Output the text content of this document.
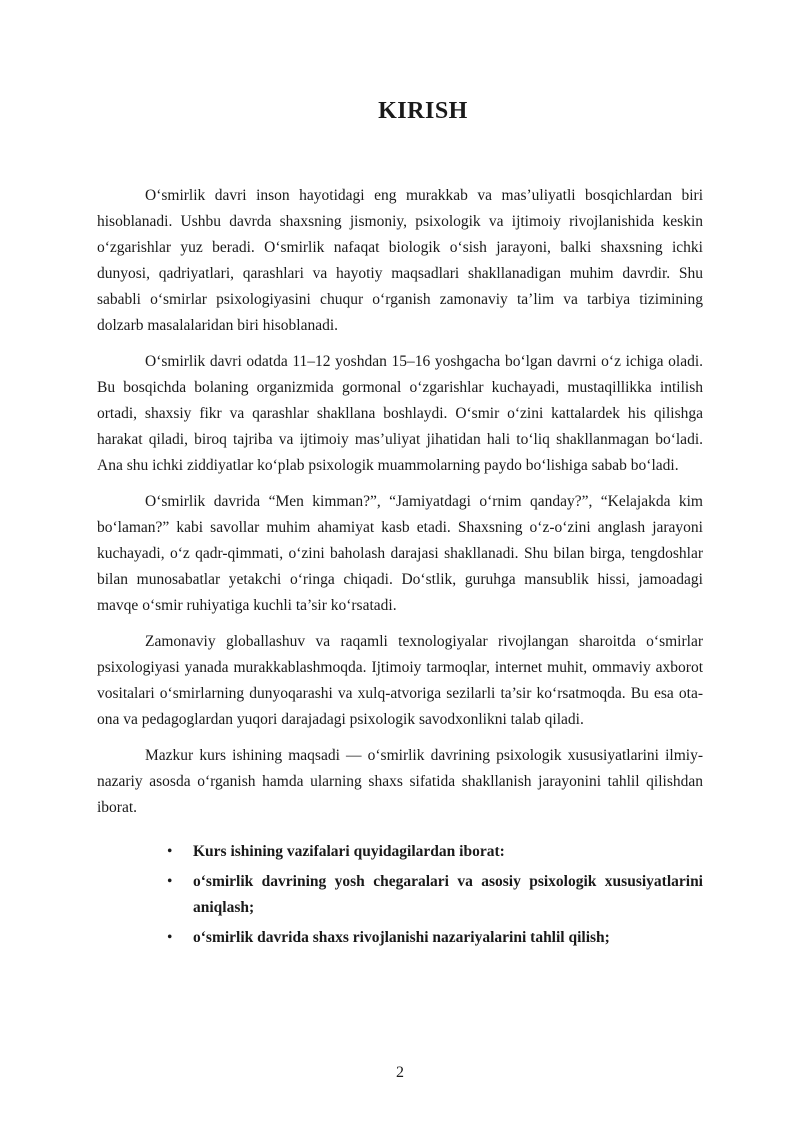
KIRISH

O‘smirlik davri inson hayotidagi eng murakkab va mas’uliyatli bosqichlardan biri hisoblanadi. Ushbu davrda shaxsning jismoniy, psixologik va ijtimoiy rivojlanishida keskin o‘zgarishlar yuz beradi. O‘smirlik nafaqat biologik o‘sish jarayoni, balki shaxsning ichki dunyosi, qadriyatlari, qarashlari va hayotiy maqsadlari shakllanadigan muhim davrdir. Shu sababli o‘smirlar psixologiyasini chuqur o‘rganish zamonaviy ta’lim va tarbiya tizimining dolzarb masalalaridan biri hisoblanadi.

O‘smirlik davri odatda 11–12 yoshdan 15–16 yoshgacha bo‘lgan davrni o‘z ichiga oladi. Bu bosqichda bolaning organizmida gormonal o‘zgarishlar kuchayadi, mustaqillikka intilish ortadi, shaxsiy fikr va qarashlar shakllana boshlaydi. O‘smir o‘zini kattalardek his qilishga harakat qiladi, biroq tajriba va ijtimoiy mas’uliyat jihatidan hali to‘liq shakllanmagan bo‘ladi. Ana shu ichki ziddiyatlar ko‘plab psixologik muammolarning paydo bo‘lishiga sabab bo‘ladi.

O‘smirlik davrida “Men kimman?”, “Jamiyatdagi o‘rnim qanday?”, “Kelajakda kim bo‘laman?” kabi savollar muhim ahamiyat kasb etadi. Shaxsning o‘z-o‘zini anglash jarayoni kuchayadi, o‘z qadr-qimmati, o‘zini baholash darajasi shakllanadi. Shu bilan birga, tengdoshlar bilan munosabatlar yetakchi o‘ringa chiqadi. Do‘stlik, guruhga mansublik hissi, jamoadagi mavqe o‘smir ruhiyatiga kuchli ta’sir ko‘rsatadi.

Zamonaviy globallashuv va raqamli texnologiyalar rivojlangan sharoitda o‘smirlar psixologiyasi yanada murakkablashmoqda. Ijtimoiy tarmoqlar, internet muhit, ommaviy axborot vositalari o‘smirlarning dunyoqarashi va xulq-atvoriga sezilarli ta’sir ko‘rsatmoqda. Bu esa ota-ona va pedagoglardan yuqori darajadagi psixologik savodxonlikni talab qiladi.

Mazkur kurs ishining maqsadi — o‘smirlik davrining psixologik xususiyatlarini ilmiy-nazariy asosda o‘rganish hamda ularning shaxs sifatida shakllanish jarayonini tahlil qilishdan iborat.

• Kurs ishining vazifalari quyidagilardan iborat:
• o‘smirlik davrining yosh chegaralari va asosiy psixologik xususiyatlarini aniqlash;
• o‘smirlik davrida shaxs rivojlanishi nazariyalarini tahlil qilish;
2
